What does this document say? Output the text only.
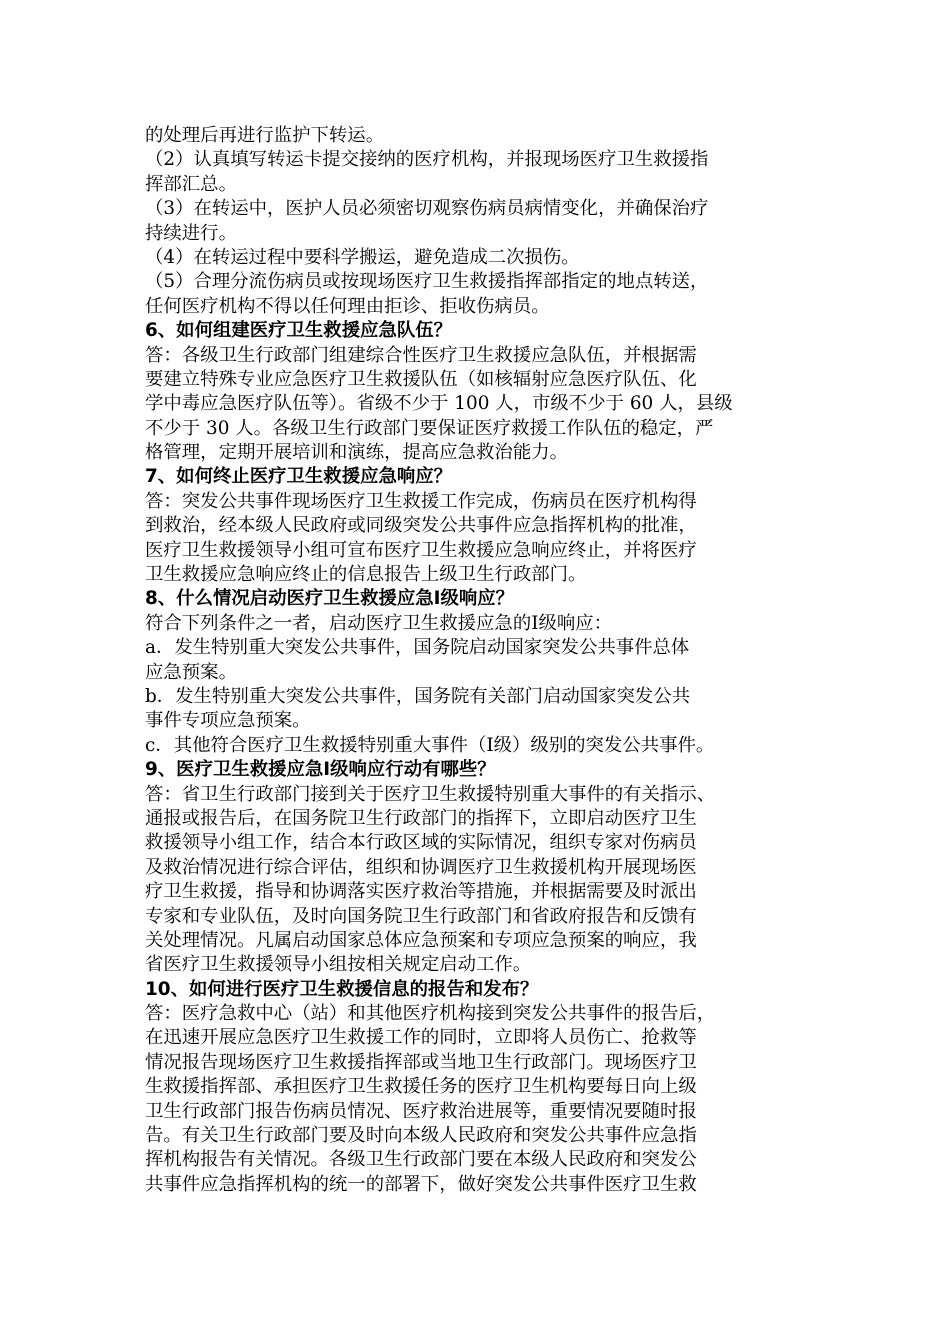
的处理后再进行监护下转运。
（2）认真填写转运卡提交接纳的医疗机构，并报现场医疗卫生救援指
挥部汇总。
（3）在转运中，医护人员必须密切观察伤病员病情变化，并确保治疗
持续进行。
（4）在转运过程中要科学搬运，避免造成二次损伤。
（5）合理分流伤病员或按现场医疗卫生救援指挥部指定的地点转送，
任何医疗机构不得以任何理由拒诊、拒收伤病员。
6、如何组建医疗卫生救援应急队伍？
答：各级卫生行政部门组建综合性医疗卫生救援应急队伍，并根据需
要建立特殊专业应急医疗卫生救援队伍（如核辐射应急医疗队伍、化
学中毒应急医疗队伍等）。省级不少于 100 人，市级不少于 60 人，县级
不少于 30 人。各级卫生行政部门要保证医疗救援工作队伍的稳定，严
格管理，定期开展培训和演练，提高应急救治能力。
7、如何终止医疗卫生救援应急响应？
答：突发公共事件现场医疗卫生救援工作完成，伤病员在医疗机构得
到救治，经本级人民政府或同级突发公共事件应急指挥机构的批准，
医疗卫生救援领导小组可宣布医疗卫生救援应急响应终止，并将医疗
卫生救援应急响应终止的信息报告上级卫生行政部门。
8、什么情况启动医疗卫生救援应急Ⅰ级响应？
符合下列条件之一者，启动医疗卫生救援应急的Ⅰ级响应：
a．发生特别重大突发公共事件，国务院启动国家突发公共事件总体
应急预案。
b．发生特别重大突发公共事件，国务院有关部门启动国家突发公共
事件专项应急预案。
c．其他符合医疗卫生救援特别重大事件（Ⅰ级）级别的突发公共事件。
9、医疗卫生救援应急Ⅰ级响应行动有哪些？
答：省卫生行政部门接到关于医疗卫生救援特别重大事件的有关指示、
通报或报告后，在国务院卫生行政部门的指挥下，立即启动医疗卫生
救援领导小组工作，结合本行政区域的实际情况，组织专家对伤病员
及救治情况进行综合评估，组织和协调医疗卫生救援机构开展现场医
疗卫生救援，指导和协调落实医疗救治等措施，并根据需要及时派出
专家和专业队伍，及时向国务院卫生行政部门和省政府报告和反馈有
关处理情况。凡属启动国家总体应急预案和专项应急预案的响应，我
省医疗卫生救援领导小组按相关规定启动工作。
10、如何进行医疗卫生救援信息的报告和发布？
答：医疗急救中心（站）和其他医疗机构接到突发公共事件的报告后，
在迅速开展应急医疗卫生救援工作的同时，立即将人员伤亡、抢救等
情况报告现场医疗卫生救援指挥部或当地卫生行政部门。现场医疗卫
生救援指挥部、承担医疗卫生救援任务的医疗卫生机构要每日向上级
卫生行政部门报告伤病员情况、医疗救治进展等，重要情况要随时报
告。有关卫生行政部门要及时向本级人民政府和突发公共事件应急指
挥机构报告有关情况。各级卫生行政部门要在本级人民政府和突发公
共事件应急指挥机构的统一的部署下，做好突发公共事件医疗卫生救
